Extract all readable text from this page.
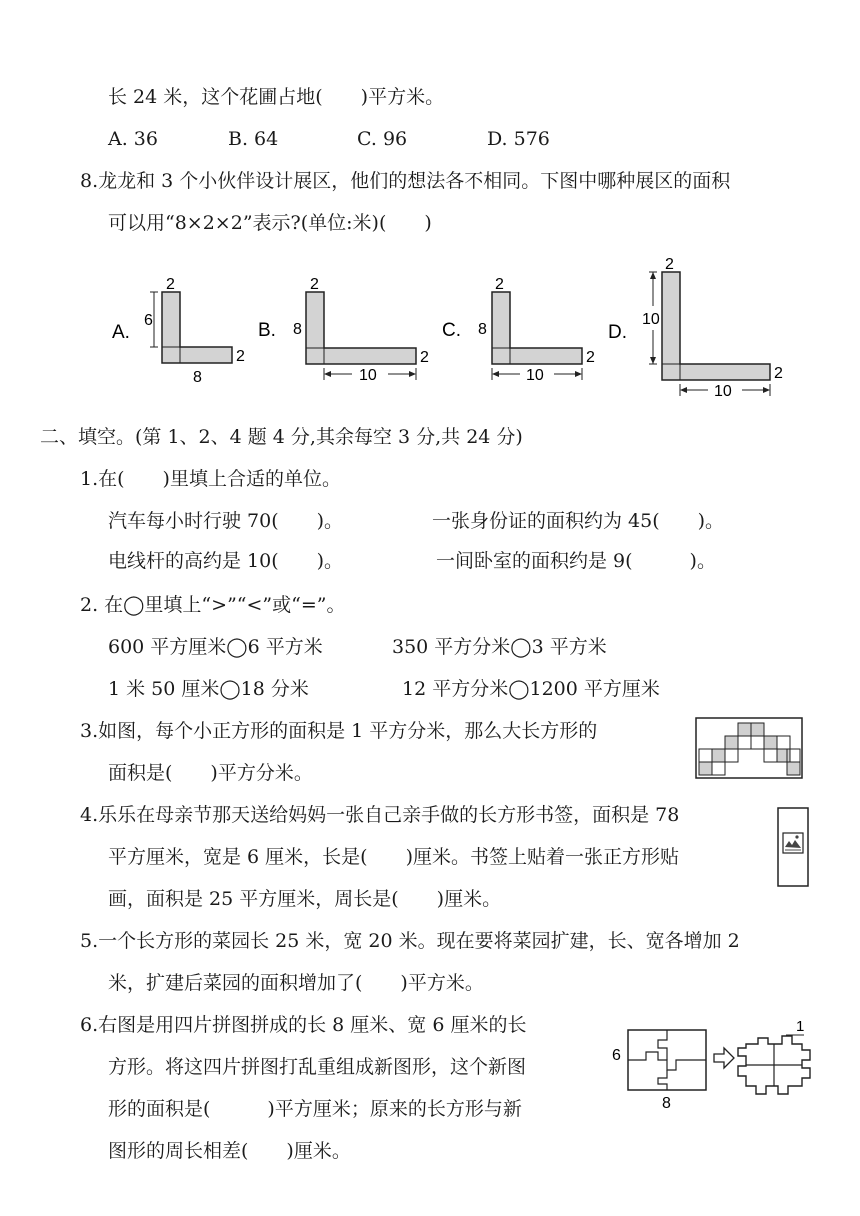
长 24 米，这个花圃占地(　　)平方米。
A. 36	B. 64	C. 96	D. 576
8.龙龙和 3 个小伙伴设计展区，他们的想法各不相同。下图中哪种展区的面积
可以用“8×2×2”表示?(单位:米)(　　)
A.
2
6
8
2
B.
2
8
10
2
C.
2
8
10
2
D.
2
10
10
2
二、填空。(第 1、2、4 题 4 分,其余每空 3 分,共 24 分)
1.在(　　)里填上合适的单位。
汽车每小时行驶 70(　　)。	一张身份证的面积约为 45(　　)。
电线杆的高约是 10(　　)。	一间卧室的面积约是 9(　　　)。
2. 在◯里填上“>”“<”或“=”。
600 平方厘米◯6 平方米	350 平方分米◯3 平方米
1 米 50 厘米◯18 分米	12 平方分米◯1200 平方厘米
3.如图，每个小正方形的面积是 1 平方分米，那么大长方形的
面积是(　　)平方分米。
4.乐乐在母亲节那天送给妈妈一张自己亲手做的长方形书签，面积是 78
平方厘米，宽是 6 厘米，长是(　　)厘米。书签上贴着一张正方形贴
画，面积是 25 平方厘米，周长是(　　)厘米。
5.一个长方形的菜园长 25 米，宽 20 米。现在要将菜园扩建，长、宽各增加 2
米，扩建后菜园的面积增加了(　　)平方米。
6.右图是用四片拼图拼成的长 8 厘米、宽 6 厘米的长
方形。将这四片拼图打乱重组成新图形，这个新图
形的面积是(　　　)平方厘米；原来的长方形与新
图形的周长相差(　　)厘米。
6
8
1
